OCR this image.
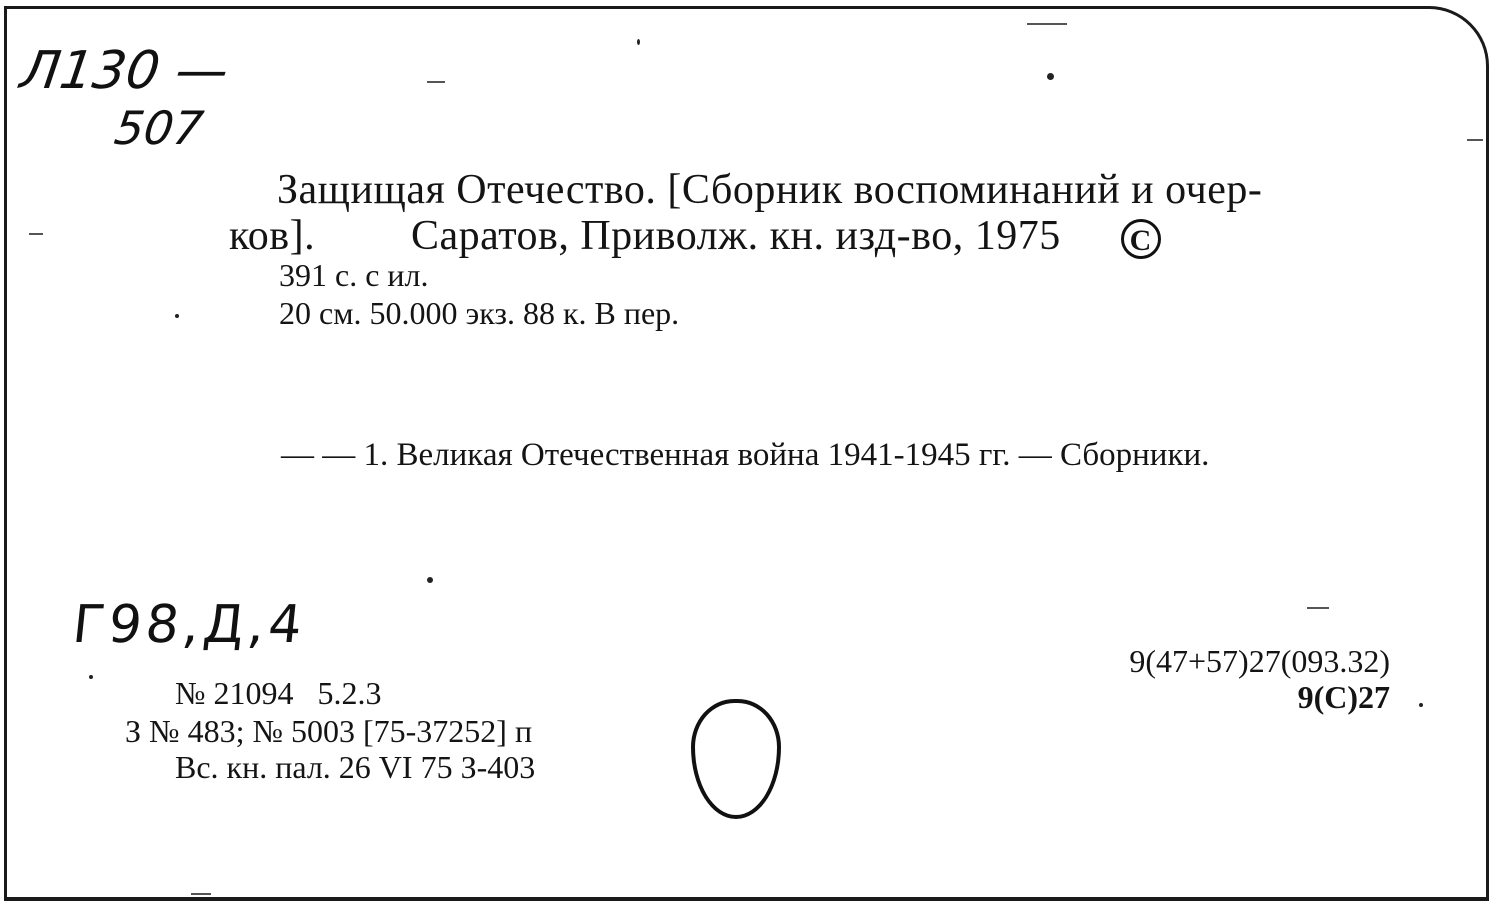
Л130 —
507
Защищая Отечество. [Сборник воспоминаний и очер-
ков]. Саратов, Приволж. кн. изд-во, 1975 C
391 с. с ил.
20 см. 50.000 экз. 88 к. В пер.
— — 1. Великая Отечественная война 1941-1945 гг. — Сборники.
Г98,Д,4
9(47+57)27(093.32)
9(С)27
№ 21094   5.2.3
З № 483; № 5003 [75-37252] п
Вс. кн. пал. 26 VI 75 З-403
